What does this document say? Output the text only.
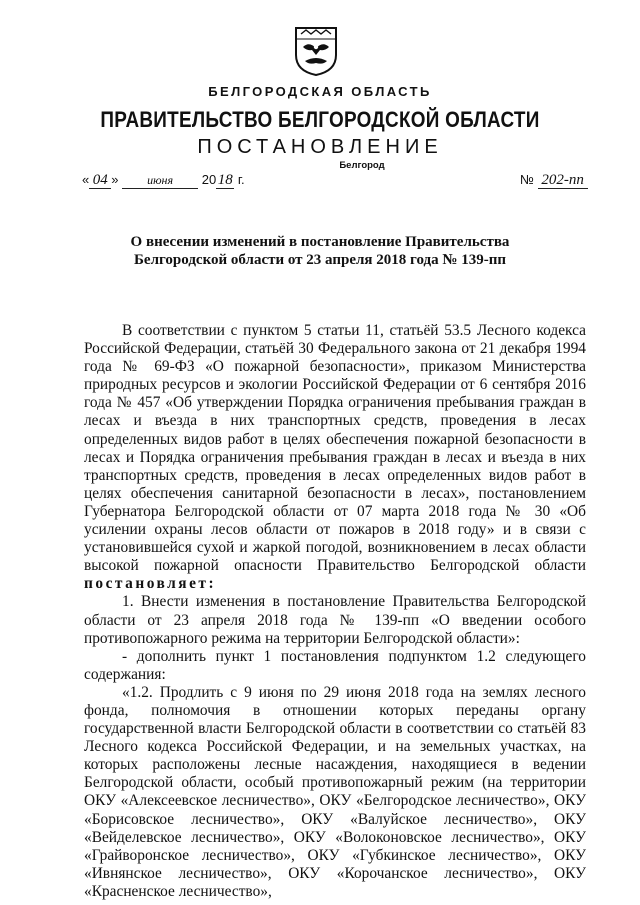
БЕЛГОРОДСКАЯ ОБЛАСТЬ
ПРАВИТЕЛЬСТВО БЕЛГОРОДСКОЙ ОБЛАСТИ
ПОСТАНОВЛЕНИЕ
Белгород
« 04 » июня 20 18 г.	№ 202-пп
О внесении изменений в постановление Правительства
Белгородской области от 23 апреля 2018 года № 139-пп

В соответствии с пунктом 5 статьи 11, статьёй 53.5 Лесного кодекса Российской Федерации, статьёй 30 Федерального закона от 21 декабря 1994 года № 69-ФЗ «О пожарной безопасности», приказом Министерства природных ресурсов и экологии Российской Федерации от 6 сентября 2016 года № 457 «Об утверждении Порядка ограничения пребывания граждан в лесах и въезда в них транспортных средств, проведения в лесах определенных видов работ в целях обеспечения пожарной безопасности в лесах и Порядка ограничения пребывания граждан в лесах и въезда в них транспортных средств, проведения в лесах определенных видов работ в целях обеспечения санитарной безопасности в лесах», постановлением Губернатора Белгородской области от 07 марта 2018 года № 30 «Об усилении охраны лесов области от пожаров в 2018 году» и в связи с установившейся сухой и жаркой погодой, возникновением в лесах области высокой пожарной опасности Правительство Белгородской области постановляет:

1. Внести изменения в постановление Правительства Белгородской области от 23 апреля 2018 года № 139-пп «О введении особого противопожарного режима на территории Белгородской области»:

- дополнить пункт 1 постановления подпунктом 1.2 следующего содержания:

«1.2. Продлить с 9 июня по 29 июня 2018 года на землях лесного фонда, полномочия в отношении которых переданы органу государственной власти Белгородской области в соответствии со статьёй 83 Лесного кодекса Российской Федерации, и на земельных участках, на которых расположены лесные насаждения, находящиеся в ведении Белгородской области, особый противопожарный режим (на территории ОКУ «Алексеевское лесничество», ОКУ «Белгородское лесничество», ОКУ «Борисовское лесничество», ОКУ «Валуйское лесничество», ОКУ «Вейделевское лесничество», ОКУ «Волоконовское лесничество», ОКУ «Грайворонское лесничество», ОКУ «Губкинское лесничество», ОКУ «Ивнянское лесничество», ОКУ «Корочанское лесничество», ОКУ «Красненское лесничество»,
